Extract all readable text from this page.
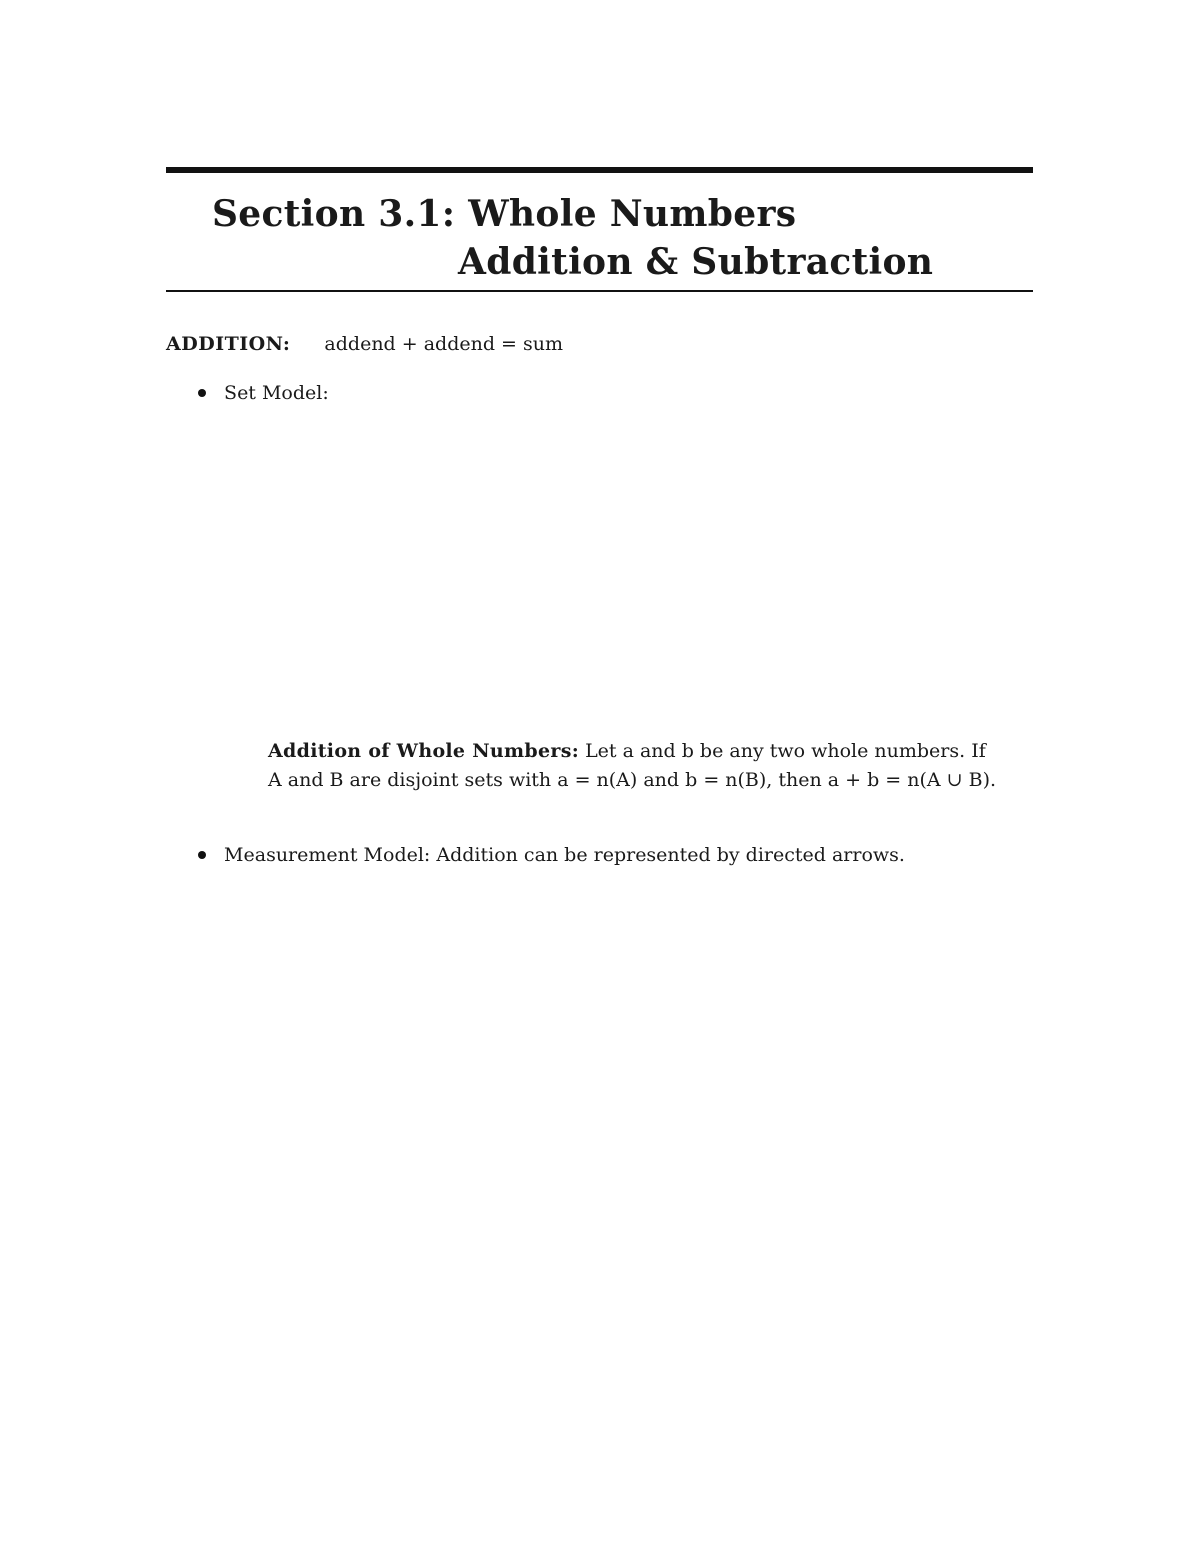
Section 3.1: Whole Numbers
Addition & Subtraction
ADDITION: addend + addend = sum
Set Model:
Addition of Whole Numbers: Let a and b be any two whole numbers. If
A and B are disjoint sets with a = n(A) and b = n(B), then a + b = n(A ∪ B).
Measurement Model: Addition can be represented by directed arrows.
